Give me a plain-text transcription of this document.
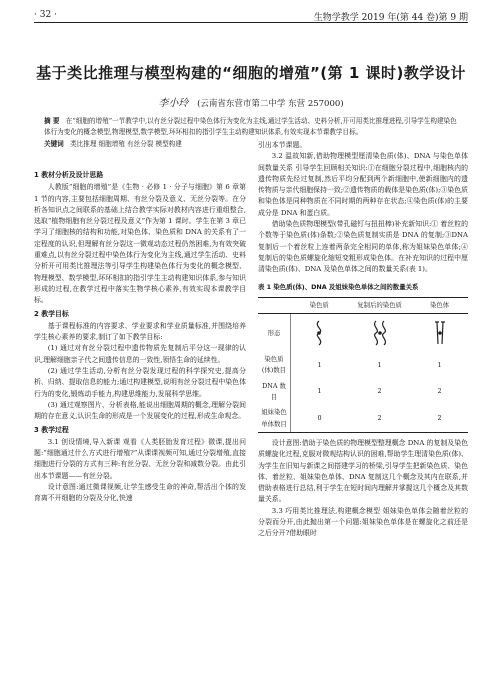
· 32 ·	生物学教学 2019 年(第 44 卷)第 9 期
基于类比推理与模型构建的“细胞的增殖”(第 1 课时)教学设计
李小玲 (云南省东营市第二中学 东营 257000)
摘 要 在“细胞的增殖”一节教学中,以有丝分裂过程中染色体行为变化为主线,通过学生活动、史料分析,开可用类比推理进程,引导学生构建染色体行为变化的概念模型,物理模型,数学模型,环环相扣的指引学生主动构建知识体系,有效实现本节课教学目标。
关键词 类比推理 细胞增殖 有丝分裂 模型构建
1 教材分析及设计思路
人教版“细胞的增殖”是《生物 · 必修 1 · 分子与细胞》第 6 章第 1 节的内容,主要包括细胞周期、有丝分裂及意义、无丝分裂等。在分析各知识点之间联系的基础上结合教学实际对教材内容进行重组整合,选取“植物细胞有丝分裂过程及意义”作为第 1 课时。学生在第 3 章已学习了细胞核的结构和功能,对染色体、染色质和 DNA 的关系有了一定程度的认识,但理解有丝分裂这一微观动态过程仍然困难,为有效突破重难点,以有丝分裂过程中染色体行为变化为主线,通过学生活动、史料分析开可用类比推理法等引导学生构建染色体行为变化的概念模型、物理模型、数学模型,环环相扣的指引学生主动构建知识体系,参与知识形成的过程,在教学过程中落实生物学核心素养,有效实现本课教学目标。
2 教学目标
基于课程标准的内容要求、学业要求和学业质量标准,并围绕培养学生核心素养的要求,制订了如下教学目标:
(1) 通过对有丝分裂过程中遗传物质先复制后平分这一现律的认识,理解细胞亲子代之间遗传信息的一致性,领悟生命的延续性。
(2) 通过学生活动,分析有丝分裂发现过程的科学探究史,提高分析、归纳、提取信息的能力;通过构建模型,说明有丝分裂过程中染色体行为的变化,锻炼动手能力,构建思维能力,发展科学思维。
(3) 通过观察图片、分析表格,能说出细胞周期的概念,理解分裂间期的存在意义,认识生命的形成是一个发展变化的过程,形成生命观念。
3 教学过程
3.1 创设情境,导入新课 观看《人类胚胎发育过程》微课,提出问题:“细胞通过什么方式进行增殖?”从课课视频可知,通过分裂增殖,直接细胞进行分裂的方式有三种:有丝分裂、无丝分裂和减数分裂。由此引出本节课题——有丝分裂。
设计意图:通过微课视频,让学生感受生命的神奇,帮活出个体的发育离不开细胞的分裂及分化,快速
引出本节课题。
3.2 温故知新,借助物理模型厘清染色质(体)、DNA 与染色单体间数量关系 引导学生回顾相关知识:①在细胞分裂过程中,细胞核内的遗传物质先经过复制,然后平均分配到两个新细胞中,使新细胞内的遗传物质与亲代细胞保持一致;②遗传物质的载体是染色质(体);③染色质和染色体是同种物质在不同时期的两种存在状态;④染色质(体)的主要成分是 DNA 和蛋白质。
借助染色质物理模型(带孔磁钉与扭扭棒)补充新知识:① 着丝粒的个数等于染色质(体)条数;②染色质复制实质是 DNA 的复制;③DNA 复制后一个着丝粒上连着两条完全相同的单体,称为姐妹染色单体;④复制后的染色质螺旋化缩短变粗形成染色体。在补充知识的过程中厘清染色质(体)、DNA 及染色单体之间的数量关系(表 1)。
表 1 染色质(体)、DNA 及姐妹染色单体之间的数量关系
	染色质	复制后的染色质	染色体
形态	

染色质(体)数目	1	1	1
DNA 数目	1	2	2
姐妹染色单体数目	0	2	2
设计意图:借助于染色质的物理模型整理概念 DNA 的复制及染色质螺旋化过程,克服对微观结构认识的困难,帮助学生理清染色质(体)、为学生在旧知与新课之间搭建学习的桥梁,引导学生把新染色质、染色体、着丝粒、姐妹染色单体、DNA 复制这几个概念及其内在联系,并借助表格进行总结,利于学生在短时间内理解并掌握这几个概念及其数量关系。
3.3 巧用类比推理法,构建概念模型 姐妹染色单体会随着丝粒的分裂而分开,由此抛出第一个问题:姐妹染色单体是在螺旋化之前还是之后分开?借助眼时
